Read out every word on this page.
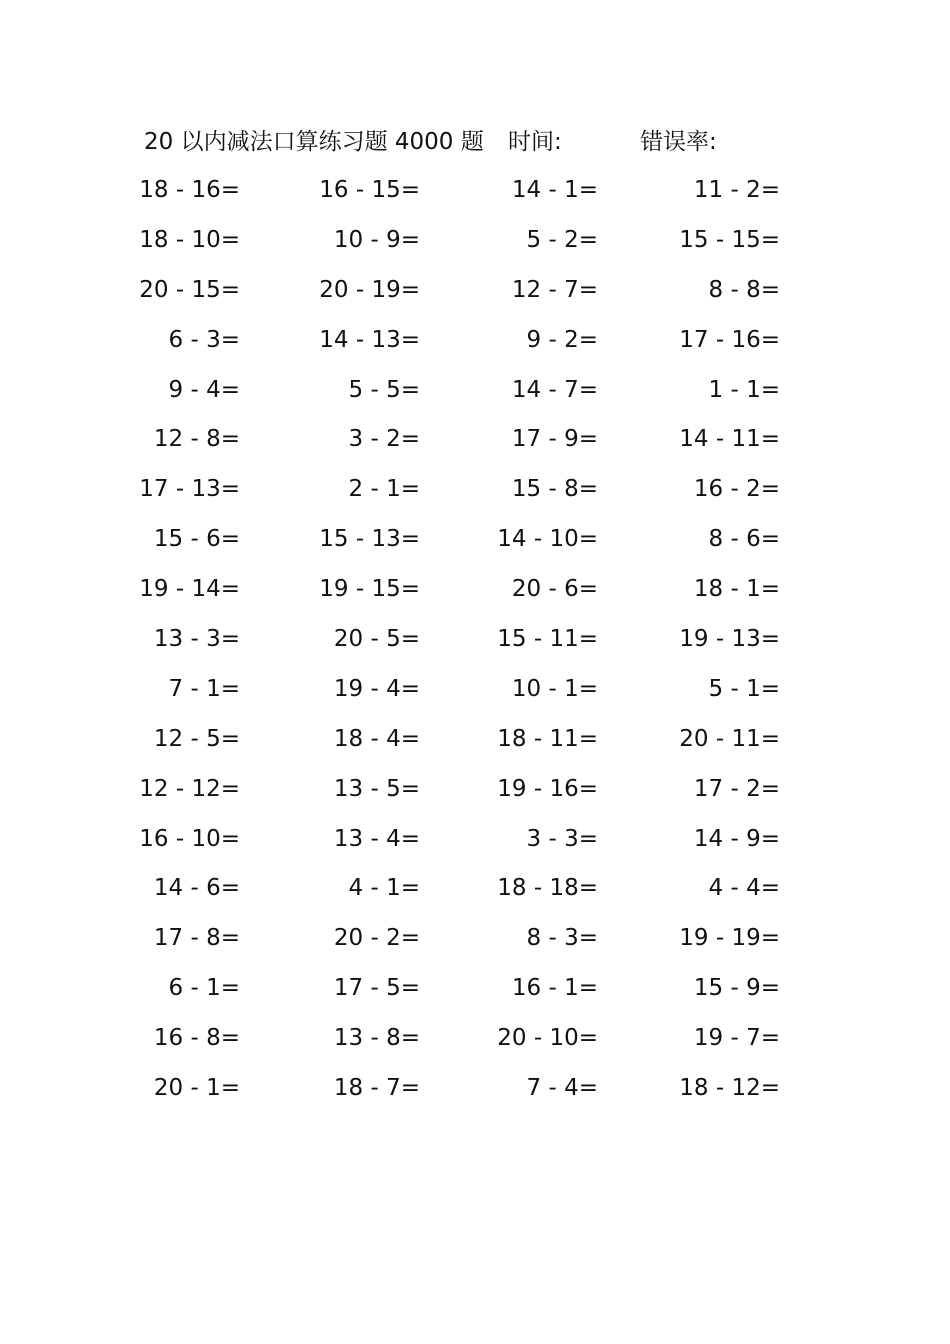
20 以内减法口算练习题 4000 题 时间:	错误率:
18 - 16=	16 - 15=	14 - 1=	11 - 2=
18 - 10=	10 - 9=	5 - 2=	15 - 15=
20 - 15=	20 - 19=	12 - 7=	8 - 8=
6 - 3=	14 - 13=	9 - 2=	17 - 16=
9 - 4=	5 - 5=	14 - 7=	1 - 1=
12 - 8=	3 - 2=	17 - 9=	14 - 11=
17 - 13=	2 - 1=	15 - 8=	16 - 2=
15 - 6=	15 - 13=	14 - 10=	8 - 6=
19 - 14=	19 - 15=	20 - 6=	18 - 1=
13 - 3=	20 - 5=	15 - 11=	19 - 13=
7 - 1=	19 - 4=	10 - 1=	5 - 1=
12 - 5=	18 - 4=	18 - 11=	20 - 11=
12 - 12=	13 - 5=	19 - 16=	17 - 2=
16 - 10=	13 - 4=	3 - 3=	14 - 9=
14 - 6=	4 - 1=	18 - 18=	4 - 4=
17 - 8=	20 - 2=	8 - 3=	19 - 19=
6 - 1=	17 - 5=	16 - 1=	15 - 9=
16 - 8=	13 - 8=	20 - 10=	19 - 7=
20 - 1=	18 - 7=	7 - 4=	18 - 12=
